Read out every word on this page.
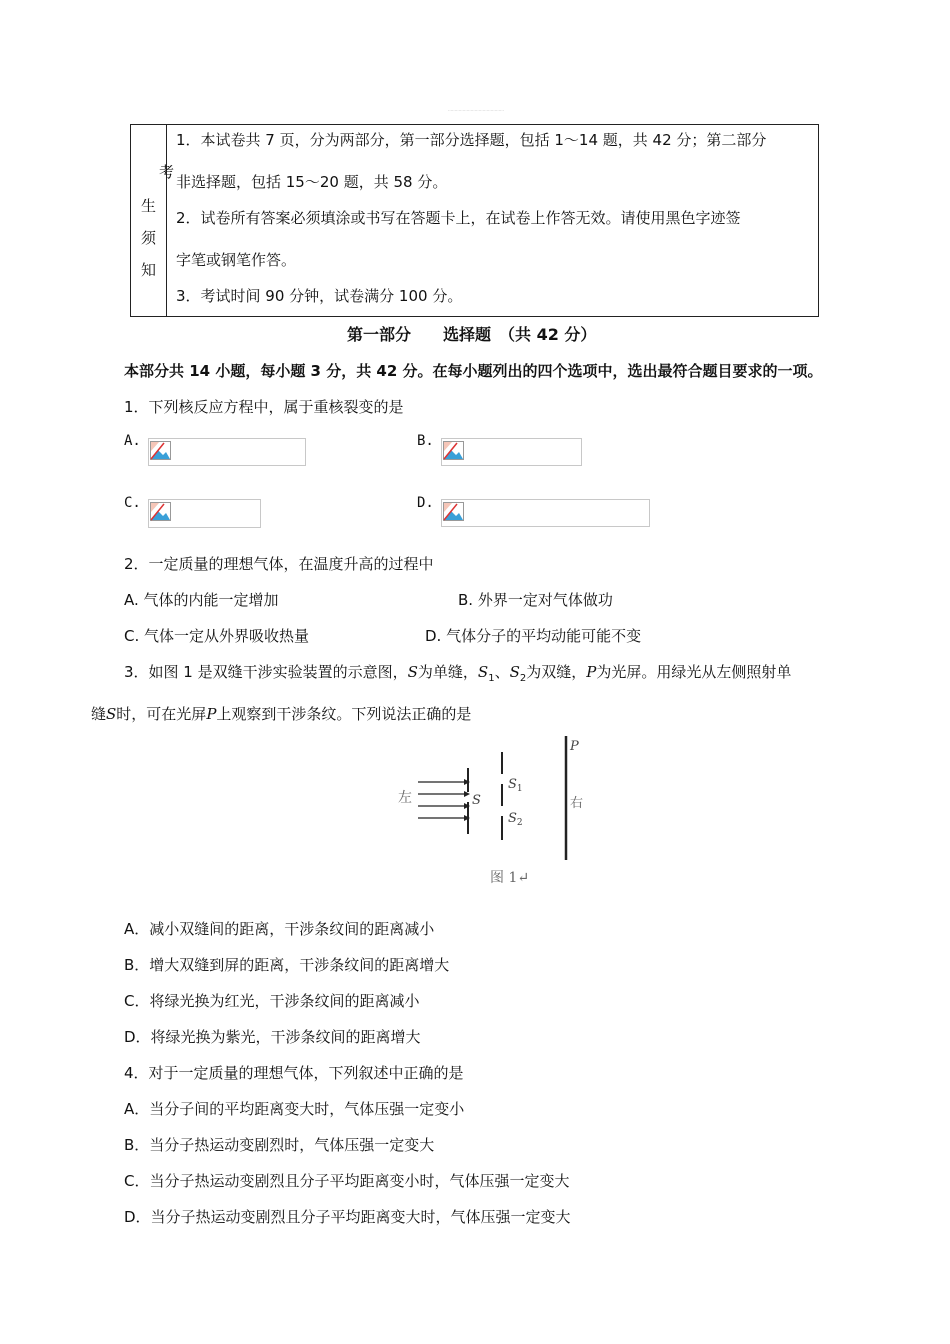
……………………………………
考
生
须
知
1．本试卷共 7 页，分为两部分，第一部分选择题，包括 1～14 题，共 42 分；第二部分
非选择题，包括 15～20 题，共 58 分。
2．试卷所有答案必须填涂或书写在答题卡上，在试卷上作答无效。请使用黑色字迹签
字笔或钢笔作答。
3．考试时间 90 分钟，试卷满分 100 分。
第一部分　　选择题　（共 42 分）
本部分共 14 小题，每小题 3 分，共 42 分。在每小题列出的四个选项中，选出最符合题目要求的一项。
1．下列核反应方程中，属于重核裂变的是
A.	B.
C.	D.
2．一定质量的理想气体，在温度升高的过程中
A. 气体的内能一定增加	B. 外界一定对气体做功
C. 气体一定从外界吸收热量	D. 气体分子的平均动能可能不变
3．如图 1 是双缝干涉实验装置的示意图，S为单缝，$S_1$、$S_2$为双缝，P为光屏。用绿光从左侧照射单
缝S时，可在光屏P上观察到干涉条纹。下列说法正确的是
左	S
$S_1$
$S_2$
P
右
图 1↵
A．减小双缝间的距离，干涉条纹间的距离减小
B．增大双缝到屏的距离，干涉条纹间的距离增大
C．将绿光换为红光，干涉条纹间的距离减小
D．将绿光换为紫光，干涉条纹间的距离增大
4．对于一定质量的理想气体，下列叙述中正确的是
A．当分子间的平均距离变大时，气体压强一定变小
B．当分子热运动变剧烈时，气体压强一定变大
C．当分子热运动变剧烈且分子平均距离变小时，气体压强一定变大
D．当分子热运动变剧烈且分子平均距离变大时，气体压强一定变大
